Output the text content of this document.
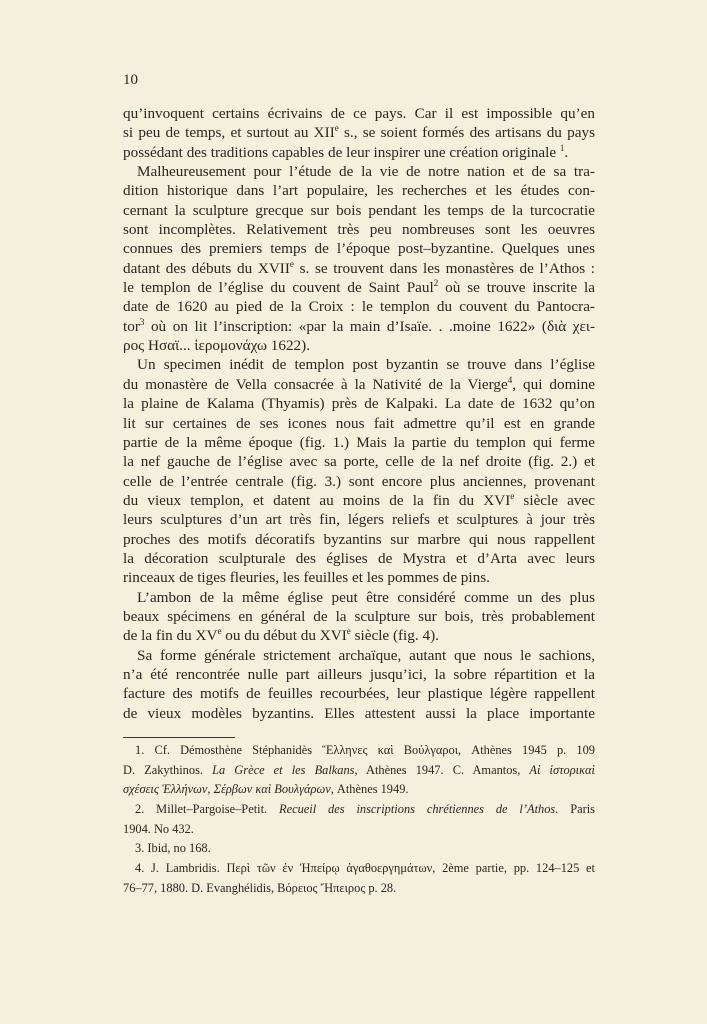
10
qu’invoquent certains écrivains de ce pays. Car il est impossible qu’en
si peu de temps, et surtout au XIIe s., se soient formés des artisans du pays
possédant des traditions capables de leur inspirer une création originale $^1$.
Malheureusement pour l’étude de la vie de notre nation et de sa tra-
dition historique dans l’art populaire, les recherches et les études con-
cernant la sculpture grecque sur bois pendant les temps de la turcocratie
sont incomplètes. Relativement très peu nombreuses sont les oeuvres
connues des premiers temps de l’époque post–byzantine. Quelques unes
datant des débuts du XVIIe s. se trouvent dans les monastères de l’Athos :
le templon de l’église du couvent de Saint Paul$^2$ où se trouve inscrite la
date de 1620 au pied de la Croix : le templon du couvent du Pantocra-
tor$^3$ où on lit l’inscription: «par la main d’Isaïe. . .moine 1622» (διὰ χει-
ρος Ησαϊ... ἱερομονάχω 1622).
Un specimen inédit de templon post byzantin se trouve dans l’église
du monastère de Vella consacrée à la Nativité de la Vierge$^4$, qui domine
la plaine de Kalama (Thyamis) près de Kalpaki. La date de 1632 qu’on
lit sur certaines de ses icones nous fait admettre qu’il est en grande
partie de la même époque (fig. 1.) Mais la partie du templon qui ferme
la nef gauche de l’église avec sa porte, celle de la nef droite (fig. 2.) et
celle de l’entrée centrale (fig. 3.) sont encore plus anciennes, provenant
du vieux templon, et datent au moins de la fin du XVIe siècle avec
leurs sculptures d’un art très fin, légers reliefs et sculptures à jour très
proches des motifs décoratifs byzantins sur marbre qui nous rappellent
la décoration sculpturale des églises de Mystra et d’Arta avec leurs
rinceaux de tiges fleuries, les feuilles et les pommes de pins.
L’ambon de la même église peut être considéré comme un des plus
beaux spécimens en général de la sculpture sur bois, très probablement
de la fin du XVe ou du début du XVIe siècle (fig. 4).
Sa forme générale strictement archaïque, autant que nous le sachions,
n’a été rencontrée nulle part ailleurs jusqu’ici, la sobre répartition et la
facture des motifs de feuilles recourbées, leur plastique légère rappellent
de vieux modèles byzantins. Elles attestent aussi la place importante
1. Cf. Démosthène Stéphanidès Ἕλληνες καὶ Βούλγαροι, Athènes 1945 p. 109
D. Zakythinos. La Grèce et les Balkans, Athènes 1947. C. Amantos, Αἱ ἱστορικαὶ
σχέσεις Ἑλλήνων, Σέρβων καὶ Βουλγάρων, Athènes 1949.
2. Millet–Pargoise–Petit. Recueil des inscriptions chrétiennes de l’Athos. Paris
1904. No 432.
3. Ibid, no 168.
4. J. Lambridis. Περὶ τῶν ἐν Ἠπείρῳ ἀγαθοεργημάτων, 2ème partie, pp. 124–125 et
76–77, 1880. D. Evanghélidis, Βόρειος Ἤπειρος p. 28.
